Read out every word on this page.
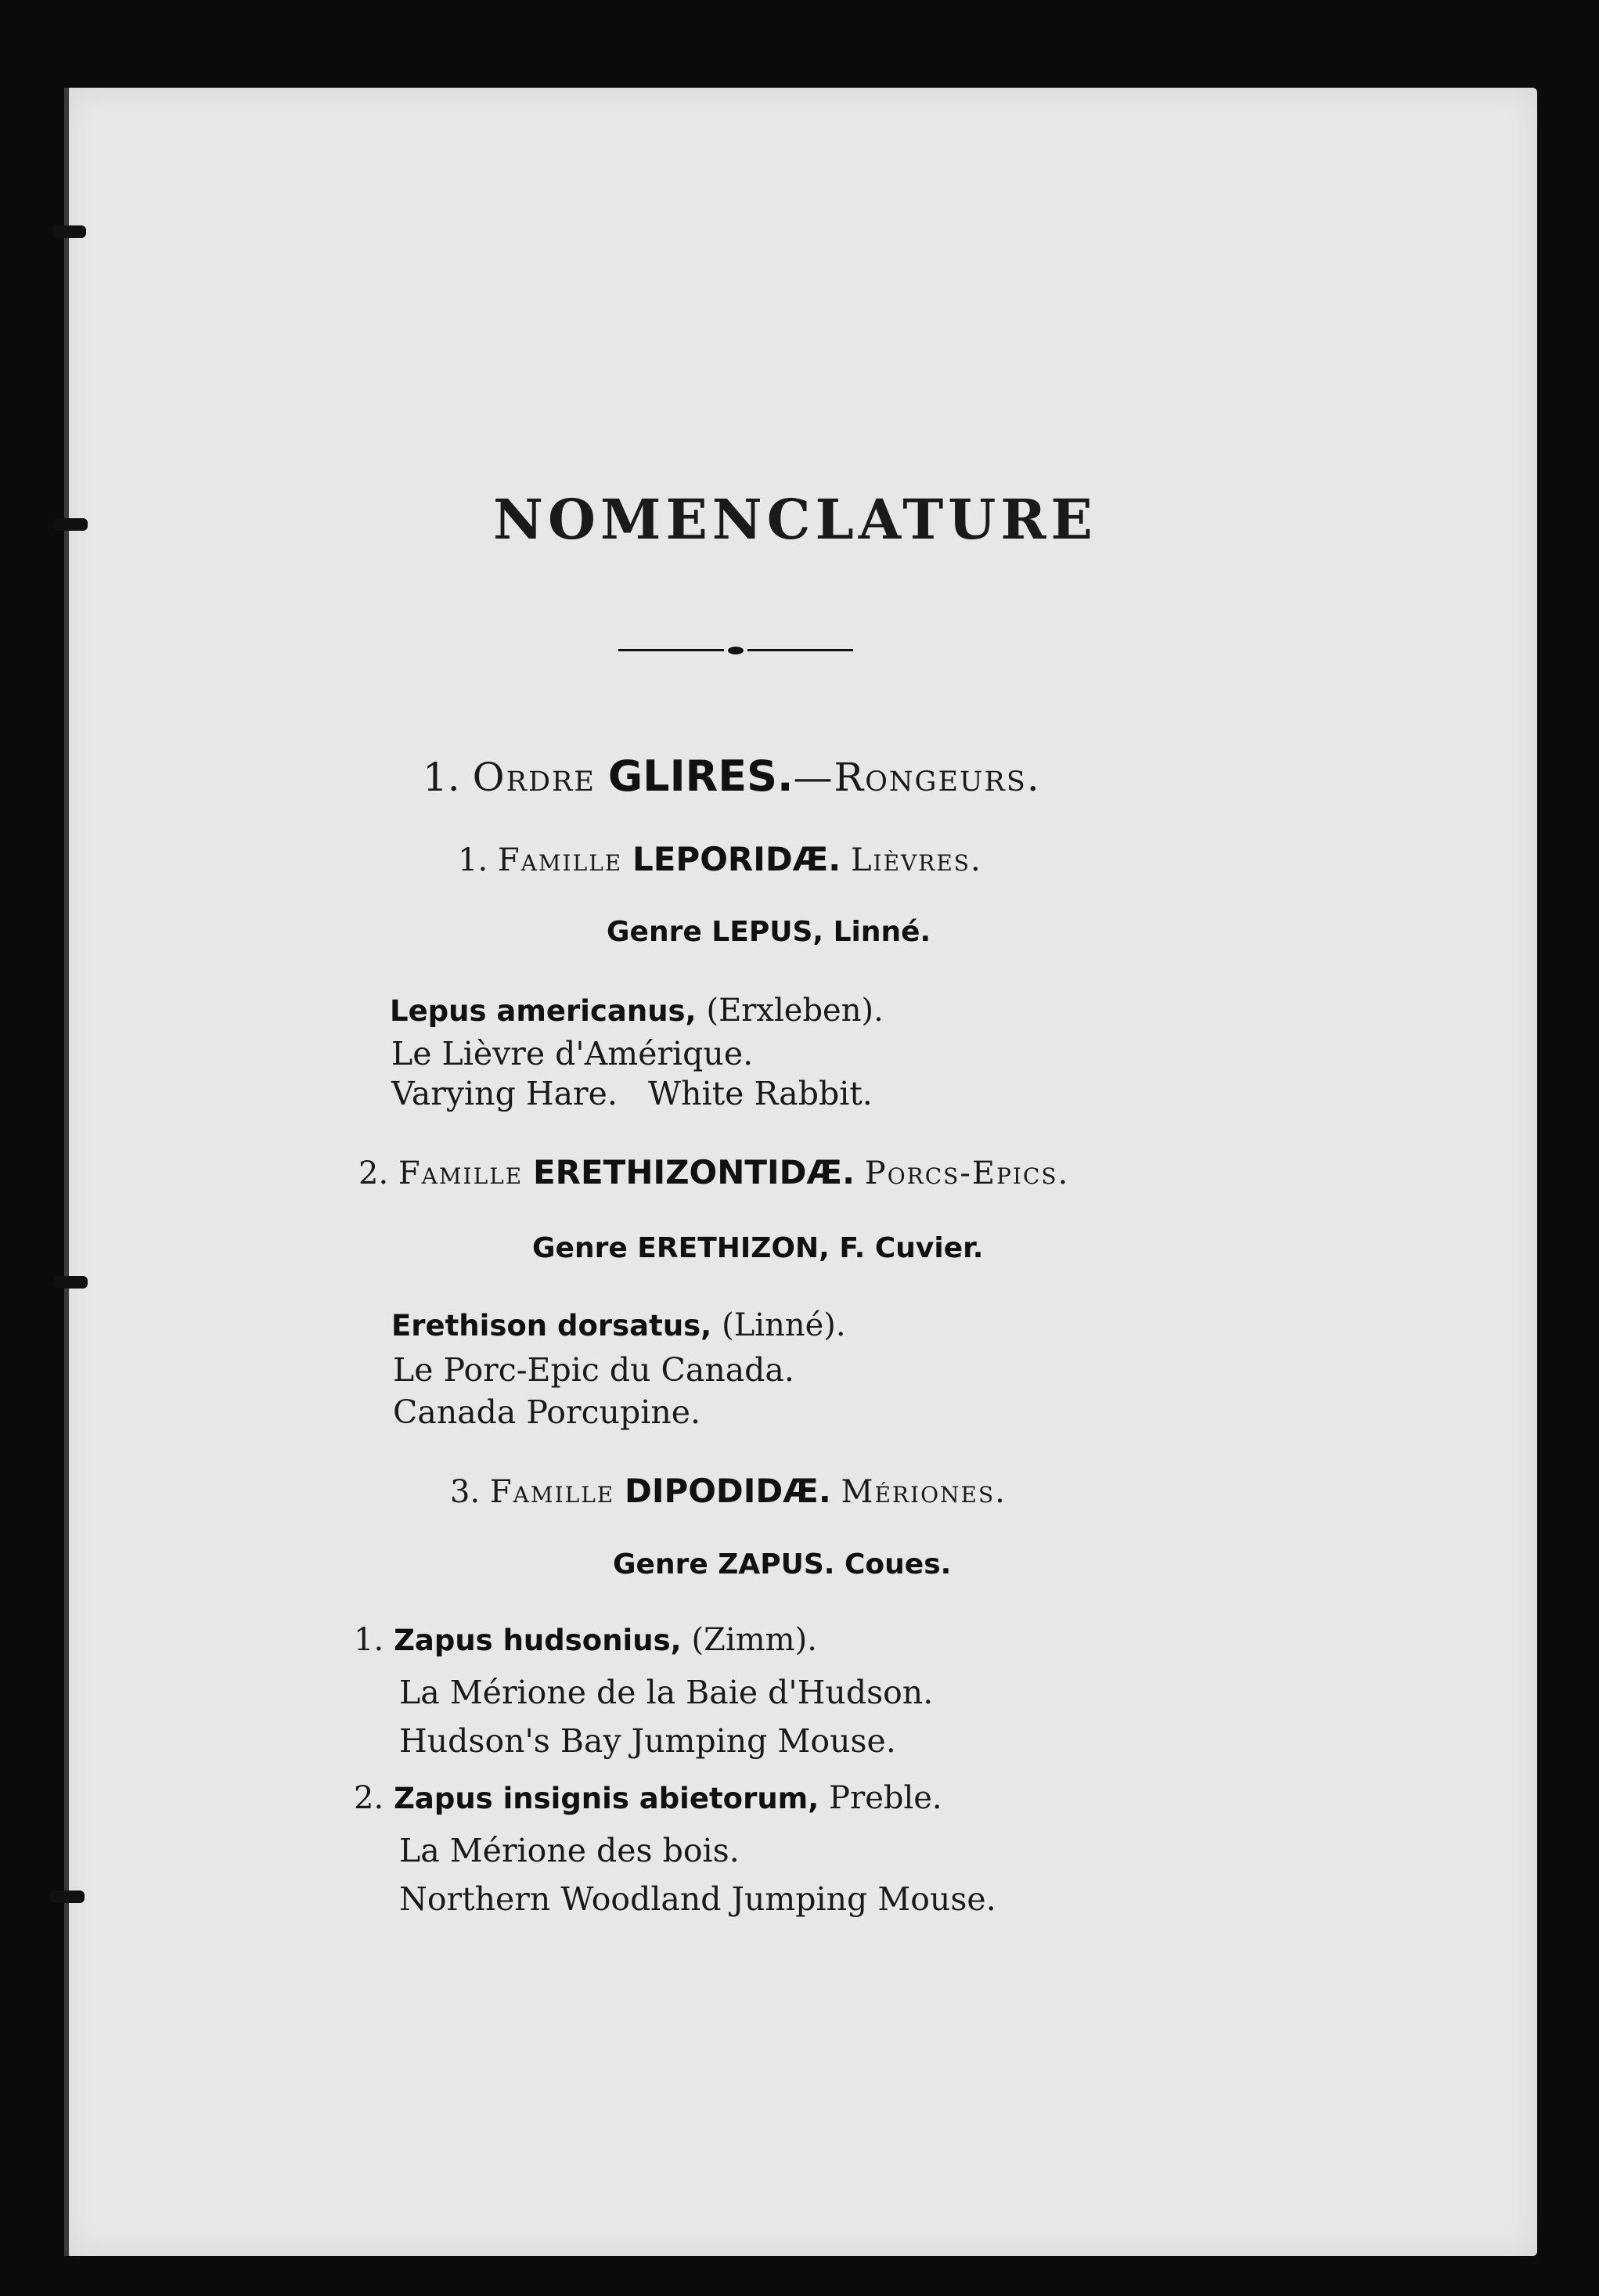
NOMENCLATURE
1. Ordre GLIRES.—Rongeurs.
1. Famille LEPORIDÆ. Lièvres.
Genre LEPUS, Linné.
Lepus americanus, (Erxleben).
Le Lièvre d'Amérique.
Varying Hare.   White Rabbit.
2. Famille ERETHIZONTIDÆ. Porcs-Epics.
Genre ERETHIZON, F. Cuvier.
Erethison dorsatus, (Linné).
Le Porc-Epic du Canada.
Canada Porcupine.
3. Famille DIPODIDÆ. Mériones.
Genre ZAPUS. Coues.
1. Zapus hudsonius, (Zimm).
La Mérione de la Baie d'Hudson.
Hudson's Bay Jumping Mouse.
2. Zapus insignis abietorum, Preble.
La Mérione des bois.
Northern Woodland Jumping Mouse.
